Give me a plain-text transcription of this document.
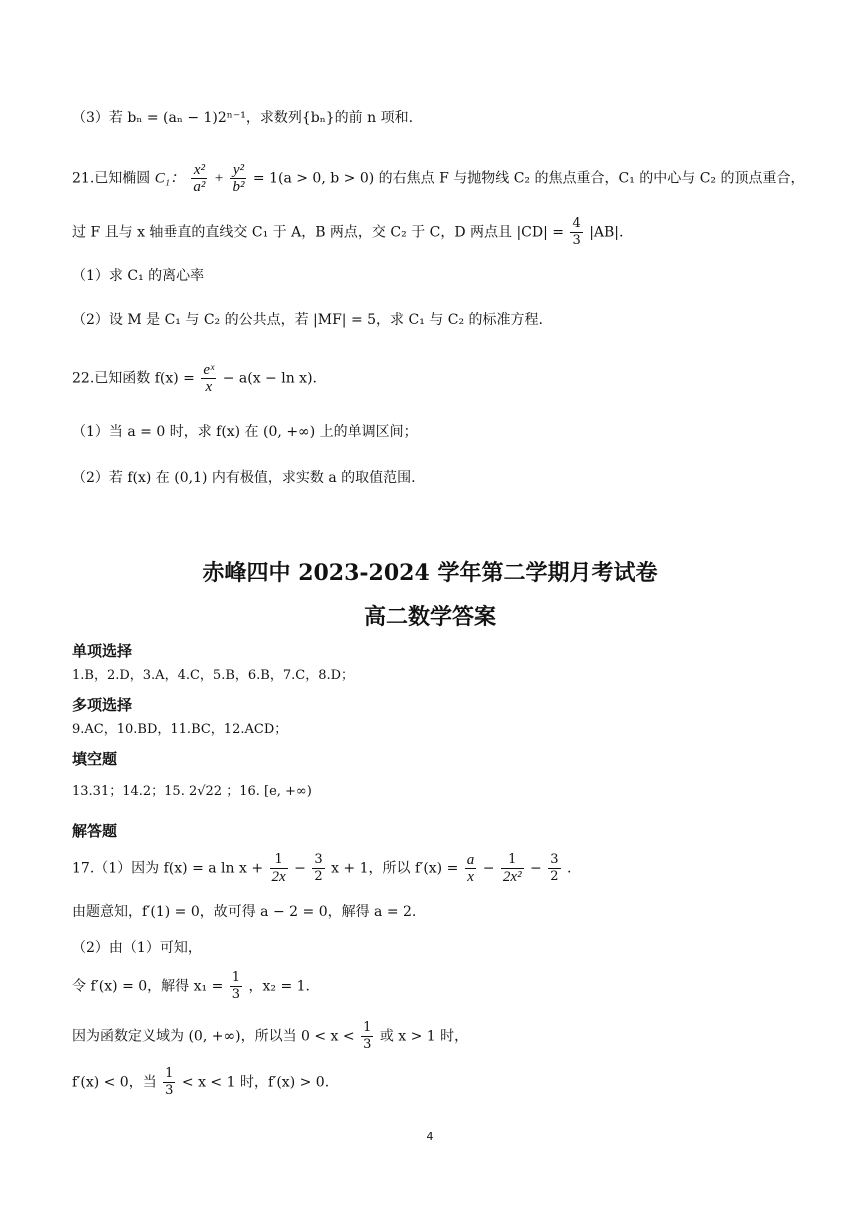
（3）若 bₙ = (aₙ − 1)2ⁿ⁻¹，求数列{bₙ}的前 n 项和.
21.已知椭圆 C₁： $\frac{\text{x²}}{\text{a²}} + \frac{\text{y²}}{\text{b²}} = 1(a > 0$, b > 0) 的右焦点 F 与抛物线 C₂ 的焦点重合，C₁ 的中心与 C₂ 的顶点重合，
过 F 且与 x 轴垂直的直线交 C₁ 于 A，B 两点，交 C₂ 于 C，D 两点且 $|CD| = \frac{4}{3} |AB|$.
（1）求 C₁ 的离心率
（2）设 M 是 C₁ 与 C₂ 的公共点，若 |MF| = 5，求 C₁ 与 C₂ 的标准方程.
22.已知函数 $f(x) = \frac{\text{eˣ}}{x} - a(x - \ln x)$.
（1）当 a = 0 时，求 f(x) 在 (0, +∞) 上的单调区间；
（2）若 f(x) 在 (0,1) 内有极值，求实数 a 的取值范围.
赤峰四中 2023-2024 学年第二学期月考试卷
高二数学答案
单项选择
1.B，2.D，3.A，4.C，5.B，6.B，7.C，8.D；
多项选择
9.AC，10.BD，11.BC，12.ACD；
填空题
13.31；14.2；15. 2√22 ；16. [e, +∞)
解答题
17.（1）因为 f(x) = a $\ln x + \frac{1}{2x} - \frac{3}{2}$ x + 1，所以 $f'(x) = \frac{a}{x} - \frac{1}{\text{2x²}} - \frac{3}{2}$ .
由题意知，f′(1) = 0，故可得 a − 2 = 0，解得 a = 2.
（2）由（1）可知，
令 f′(x) = 0，解得 $x_1 = \frac{1}{3}$ ，x₂ = 1.
因为函数定义域为 (0, +∞)，所以当 $0 < x < \frac{1}{3}$ 或 x > 1 时，
f′(x) < 0，当 $\frac{1}{3} < x < 1$ 时，f′(x) > 0.
4
